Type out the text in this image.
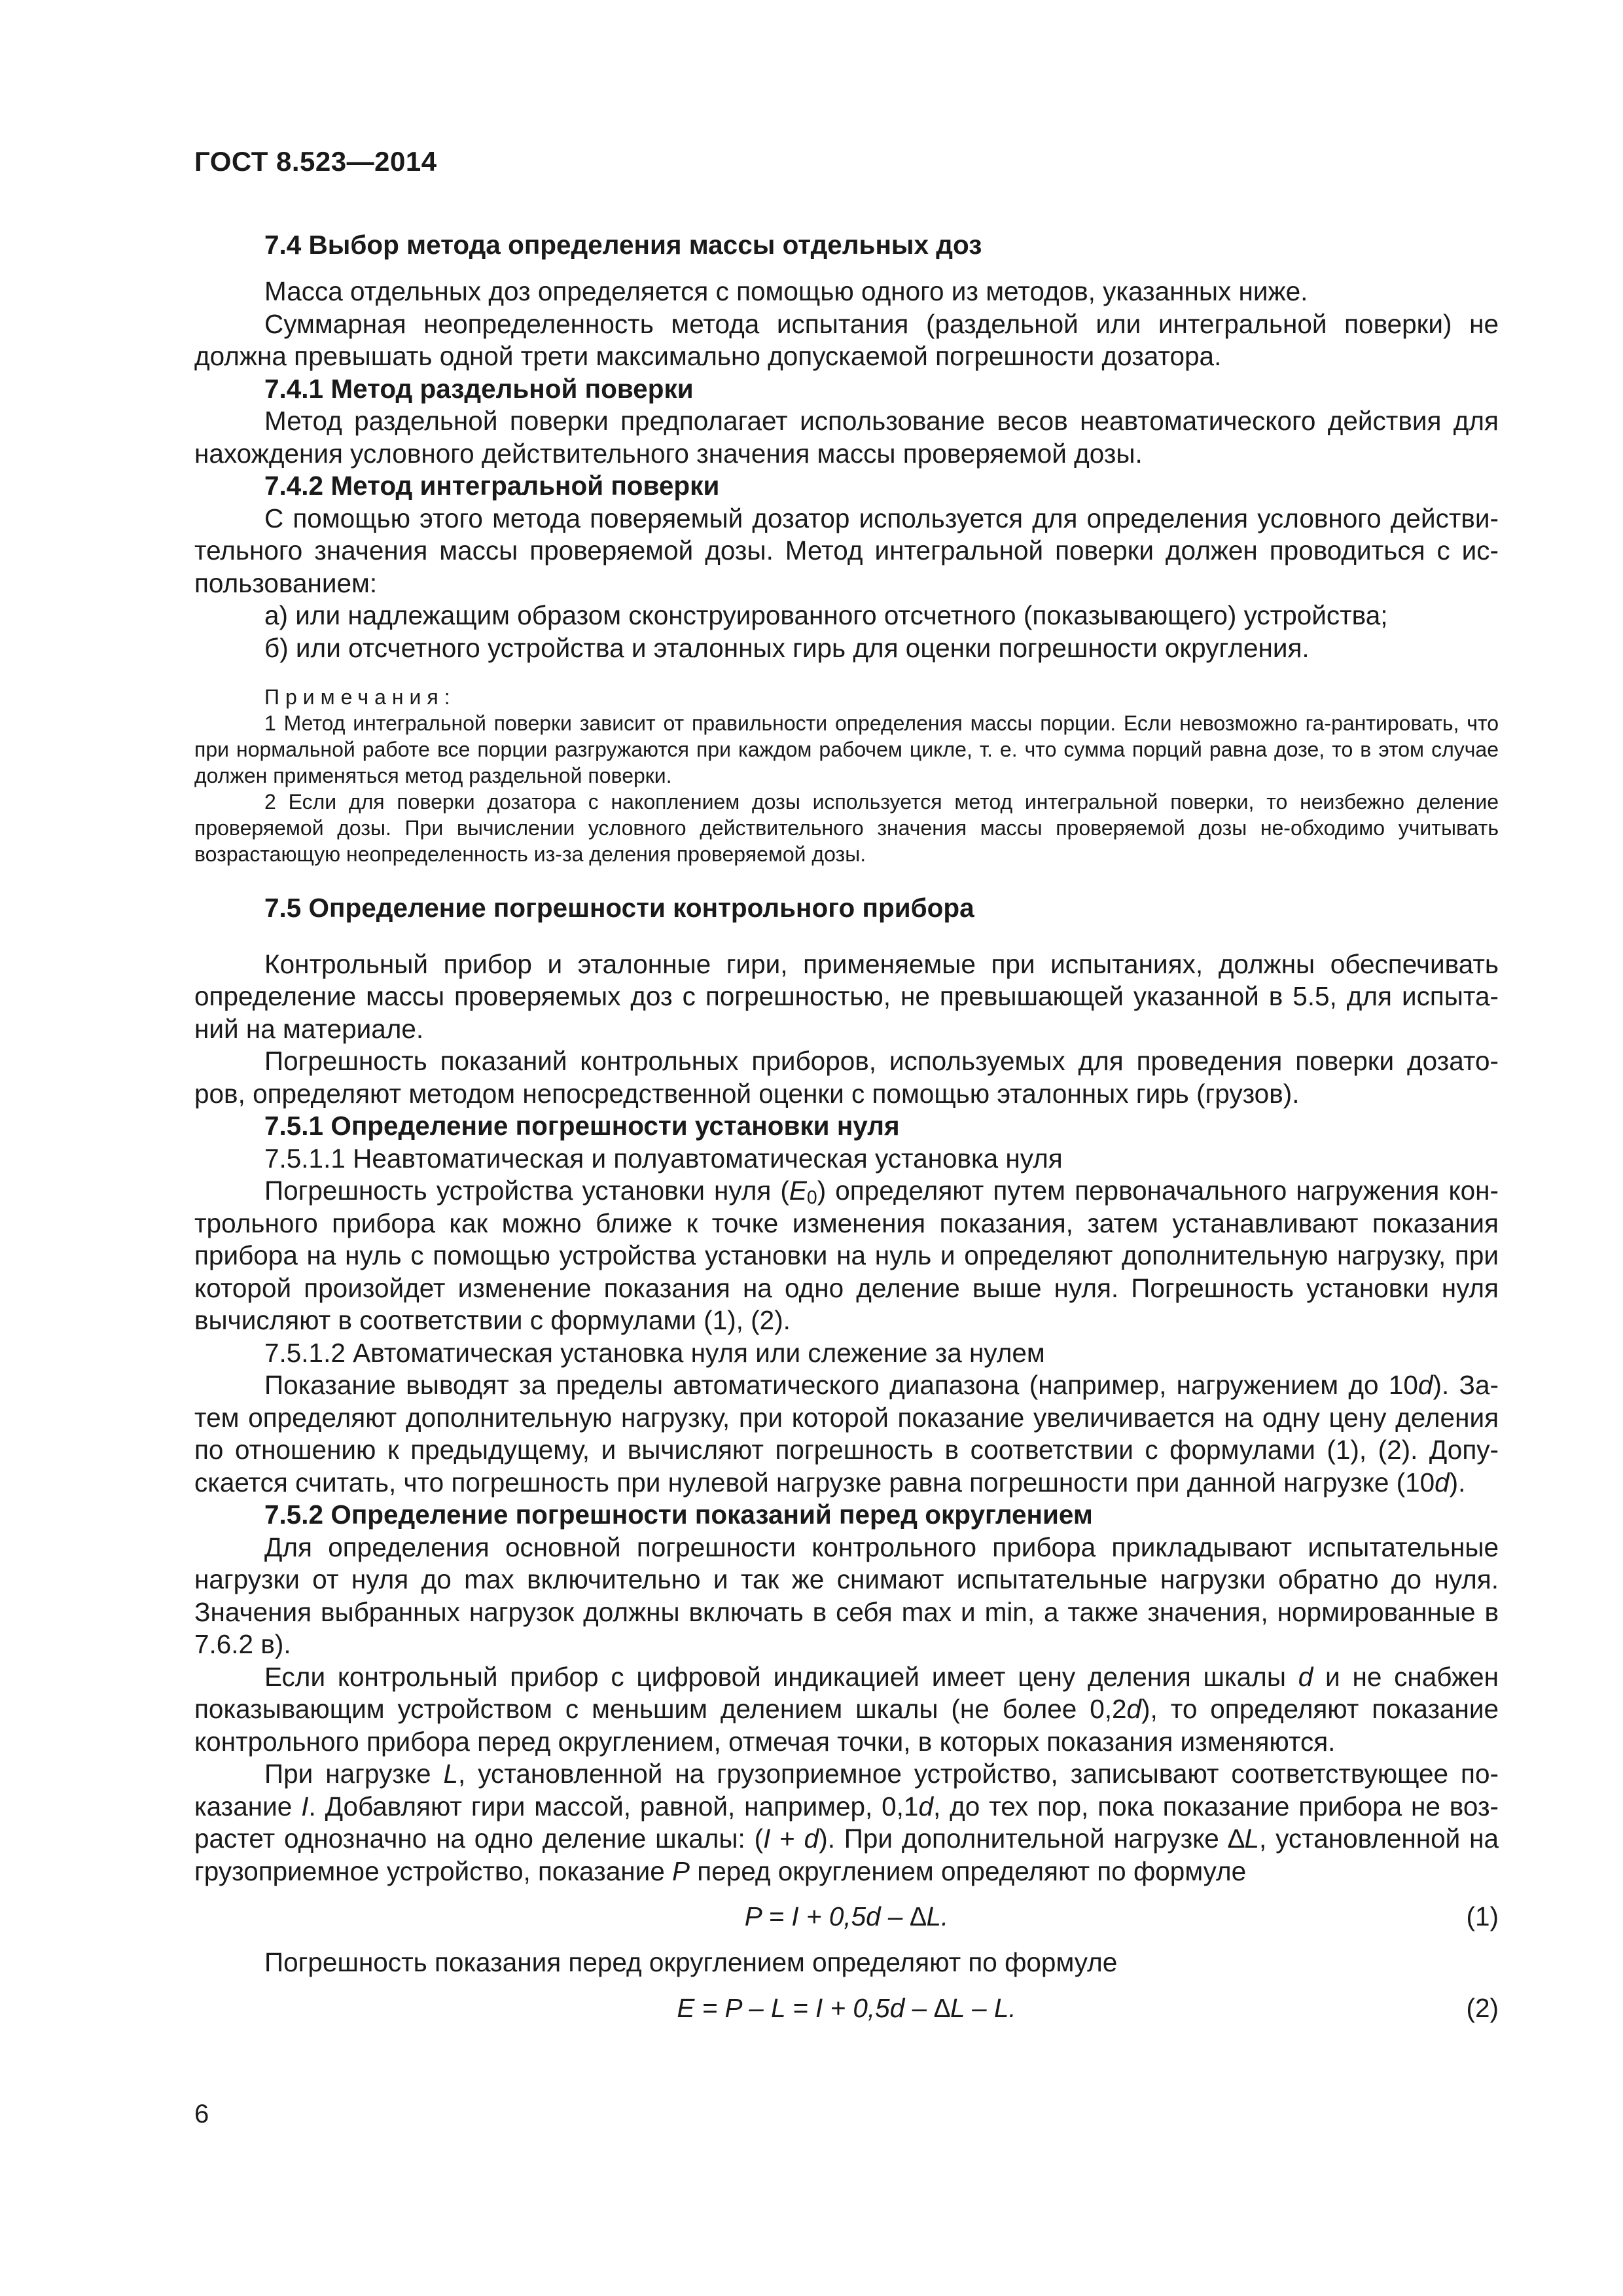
ГОСТ 8.523—2014

7.4 Выбор метода определения массы отдельных доз

Масса отдельных доз определяется с помощью одного из методов, указанных ниже.

Суммарная неопределенность метода испытания (раздельной или интегральной поверки) не должна превышать одной трети максимально допускаемой погрешности дозатора.

7.4.1 Метод раздельной поверки

Метод раздельной поверки предполагает использование весов неавтоматического действия для нахождения условного действительного значения массы проверяемой дозы.

7.4.2 Метод интегральной поверки

С помощью этого метода поверяемый дозатор используется для определения условного действи-тельного значения массы проверяемой дозы. Метод интегральной поверки должен проводиться с ис-пользованием:

а) или надлежащим образом сконструированного отсчетного (показывающего) устройства;

б) или отсчетного устройства и эталонных гирь для оценки погрешности округления.

Примечания:

1 Метод интегральной поверки зависит от правильности определения массы порции. Если невозможно га-рантировать, что при нормальной работе все порции разгружаются при каждом рабочем цикле, т. е. что сумма порций равна дозе, то в этом случае должен применяться метод раздельной поверки.

2 Если для поверки дозатора с накоплением дозы используется метод интегральной поверки, то неизбежно деление проверяемой дозы. При вычислении условного действительного значения массы проверяемой дозы не-обходимо учитывать возрастающую неопределенность из-за деления проверяемой дозы.

7.5 Определение погрешности контрольного прибора

Контрольный прибор и эталонные гири, применяемые при испытаниях, должны обеспечивать определение массы проверяемых доз с погрешностью, не превышающей указанной в 5.5, для испыта-ний на материале.

Погрешность показаний контрольных приборов, используемых для проведения поверки дозато-ров, определяют методом непосредственной оценки с помощью эталонных гирь (грузов).

7.5.1 Определение погрешности установки нуля

7.5.1.1 Неавтоматическая и полуавтоматическая установка нуля

Погрешность устройства установки нуля $(E_0)$ определяют путем первоначального нагружения кон-трольного прибора как можно ближе к точке изменения показания, затем устанавливают показания прибора на нуль с помощью устройства установки на нуль и определяют дополнительную нагрузку, при которой произойдет изменение показания на одно деление выше нуля. Погрешность установки нуля вычисляют в соответствии с формулами (1), (2).

7.5.1.2 Автоматическая установка нуля или слежение за нулем

Показание выводят за пределы автоматического диапазона (например, нагружением до 10d). За-тем определяют дополнительную нагрузку, при которой показание увеличивается на одну цену деления по отношению к предыдущему, и вычисляют погрешность в соответствии с формулами (1), (2). Допу-скается считать, что погрешность при нулевой нагрузке равна погрешности при данной нагрузке (10d).

7.5.2 Определение погрешности показаний перед округлением

Для определения основной погрешности контрольного прибора прикладывают испытательные нагрузки от нуля до max включительно и так же снимают испытательные нагрузки обратно до нуля. Значения выбранных нагрузок должны включать в себя max и min, а также значения, нормированные в 7.6.2 в).

Если контрольный прибор с цифровой индикацией имеет цену деления шкалы d и не снабжен показывающим устройством с меньшим делением шкалы (не более 0,2d), то определяют показание контрольного прибора перед округлением, отмечая точки, в которых показания изменяются.

При нагрузке L, установленной на грузоприемное устройство, записывают соответствующее по-казание I. Добавляют гири массой, равной, например, 0,1d, до тех пор, пока показание прибора не воз-растет однозначно на одно деление шкалы: (I + d). При дополнительной нагрузке ∆L, установленной на грузоприемное устройство, показание P перед округлением определяют по формуле

P = I + 0,5d – ∆L.	(1)

Погрешность показания перед округлением определяют по формуле

E = P – L = I + 0,5d – ∆L – L.	(2)
6
